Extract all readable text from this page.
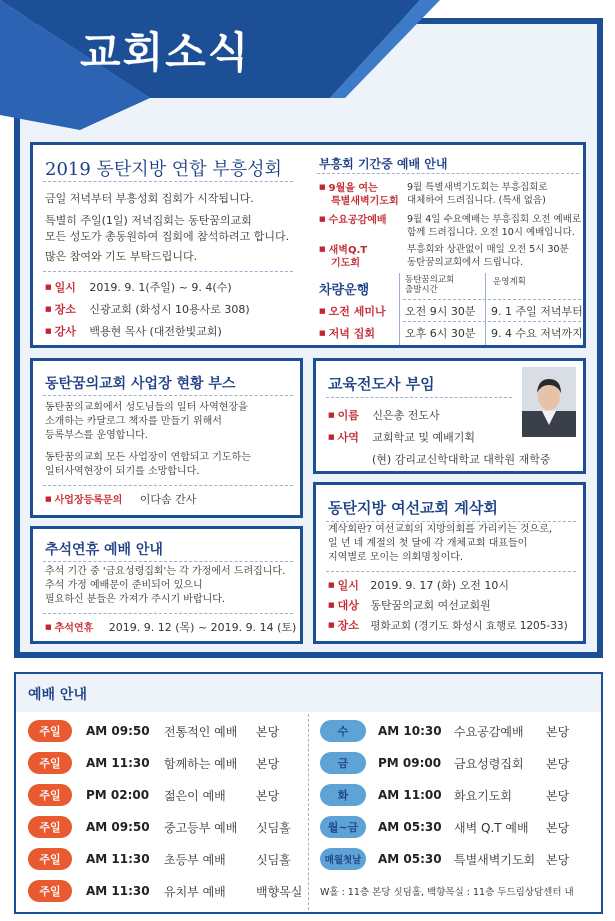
교회소식
2019 동탄지방 연합 부흥성회
금일 저녁부터 부흥성회 집회가 시작됩니다.
특별히 주일(1일) 저녁집회는 동탄꿈의교회
모든 성도가 총동원하여 집회에 참석하려고 합니다.
많은 참여와 기도 부탁드립니다.
■ 일시 2019. 9. 1(주일) ~ 9. 4(수)
■ 장소 신광교회 (화성시 10용사로 308)
■ 강사 백용현 목사 (대전한빛교회)
부흥회 기간중 예배 안내
■ 9월을 여는
특별새벽기도회
9월 특별새벽기도회는 부흥집회로
대체하여 드려집니다. (특새 없음)
■ 수요공감예배 9월 4일 수요예배는 부흥집회 오전 예배로
함께 드려집니다. 오전 10시 예배입니다.
■ 새벽Q.T
기도회
부흥회와 상관없이 매일 오전 5시 30분
동탄꿈의교회에서 드립니다.
차량운행
동탄꿈의교회
출발시간
운영계획
■ 오전 세미나 오전 9시 30분 9. 1 주일 저녁부터
■ 저녁 집회	오후 6시 30분 9. 4 수요 저녁까지
동탄꿈의교회 사업장 현황 부스
동탄꿈의교회에서 성도님들의 일터 사역현장을
소개하는 카달로그 책자를 만들기 위해서
등록부스를 운영합니다.
동탄꿈의교회 모든 사업장이 연합되고 기도하는
일터사역현장이 되기를 소망합니다.
■ 사업장등록문의 이다솜 간사
추석연휴 예배 안내
추석 기간 중 '금요성령집회'는 각 가정에서 드려집니다.
추석 가정 예배문이 준비되어 있으니
필요하신 분들은 가져가 주시기 바랍니다.
■ 추석연휴 2019. 9. 12 (목) ~ 2019. 9. 14 (토)
교육전도사 부임
■ 이름 신은총 전도사
■ 사역 교회학교 및 예배기획
(현) 감리교신학대학교 대학원 재학중
동탄지방 여선교회 계삭회
계삭회란? 여선교회의 지방의회를 가리키는 것으로,
일 년 네 계절의 첫 달에 각 개체교회 대표들이
지역별로 모이는 의회명칭이다.
■ 일시 2019. 9. 17 (화) 오전 10시
■ 대상 동탄꿈의교회 여선교회원
■ 장소 평화교회 (경기도 화성시 효행로 1205-33)
예배 안내
주일	AM 09:50	전통적인 예배	본당
주일	AM 11:30	함께하는 예배	본당
주일	PM 02:00	젊은이 예배	본당
주일	AM 09:50	중고등부 예배	싯딤홀
주일	AM 11:30	초등부 예배	싯딤홀
주일	AM 11:30	유치부 예배	백향목실
수	AM 10:30	수요공감예배	본당
금	PM 09:00	금요성령집회	본당
화	AM 11:00	화요기도회	본당
월~금	AM 05:30	새벽 Q.T 예배	본당
매월첫날	AM 05:30	특별새벽기도회 본당
W홀 : 11층 본당 싯딤홀, 백향목실 : 11층 두드림상담센터 내
